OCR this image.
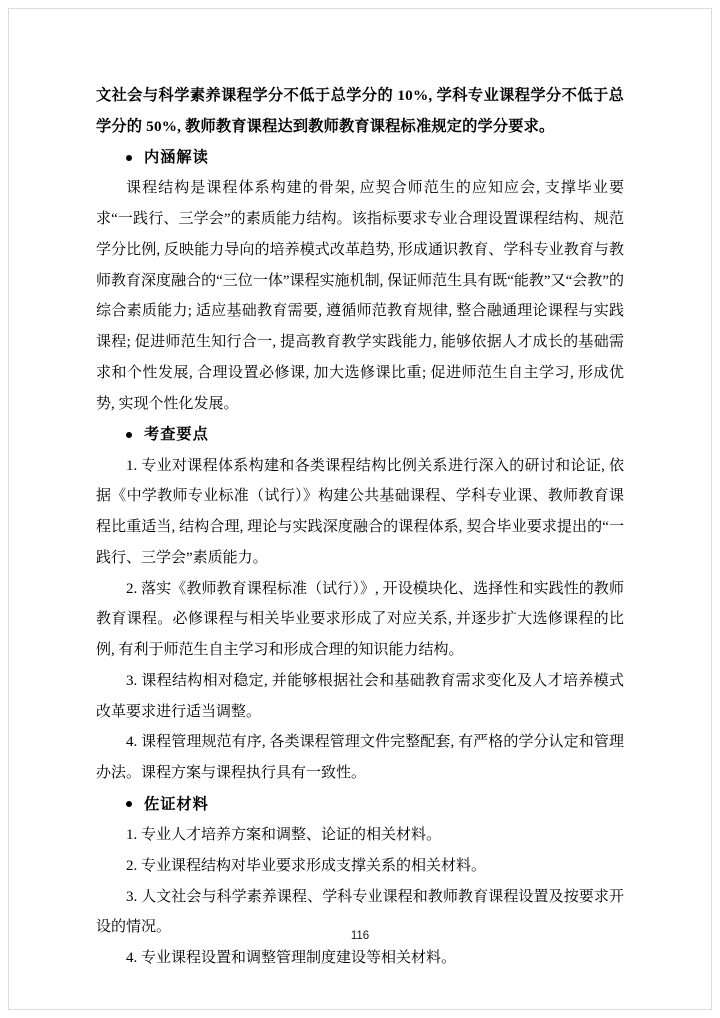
文社会与科学素养课程学分不低于总学分的 10%, 学科专业课程学分不低于总学分的 50%, 教师教育课程达到教师教育课程标准规定的学分要求。

内涵解读

课程结构是课程体系构建的骨架, 应契合师范生的应知应会, 支撑毕业要求“一践行、三学会”的素质能力结构。该指标要求专业合理设置课程结构、规范学分比例, 反映能力导向的培养模式改革趋势, 形成通识教育、学科专业教育与教师教育深度融合的“三位一体”课程实施机制, 保证师范生具有既“能教”又“会教”的综合素质能力; 适应基础教育需要, 遵循师范教育规律, 整合融通理论课程与实践课程; 促进师范生知行合一, 提高教育教学实践能力, 能够依据人才成长的基础需求和个性发展, 合理设置必修课, 加大选修课比重; 促进师范生自主学习, 形成优势, 实现个性化发展。

考查要点

1. 专业对课程体系构建和各类课程结构比例关系进行深入的研讨和论证, 依据《中学教师专业标准（试行）》构建公共基础课程、学科专业课、教师教育课程比重适当, 结构合理, 理论与实践深度融合的课程体系, 契合毕业要求提出的“一践行、三学会”素质能力。

2. 落实《教师教育课程标准（试行）》, 开设模块化、选择性和实践性的教师教育课程。必修课程与相关毕业要求形成了对应关系, 并逐步扩大选修课程的比例, 有利于师范生自主学习和形成合理的知识能力结构。

3. 课程结构相对稳定, 并能够根据社会和基础教育需求变化及人才培养模式改革要求进行适当调整。

4. 课程管理规范有序, 各类课程管理文件完整配套, 有严格的学分认定和管理办法。课程方案与课程执行具有一致性。

佐证材料

1. 专业人才培养方案和调整、论证的相关材料。

2. 专业课程结构对毕业要求形成支撑关系的相关材料。

3. 人文社会与科学素养课程、学科专业课程和教师教育课程设置及按要求开设的情况。

4. 专业课程设置和调整管理制度建设等相关材料。

116
